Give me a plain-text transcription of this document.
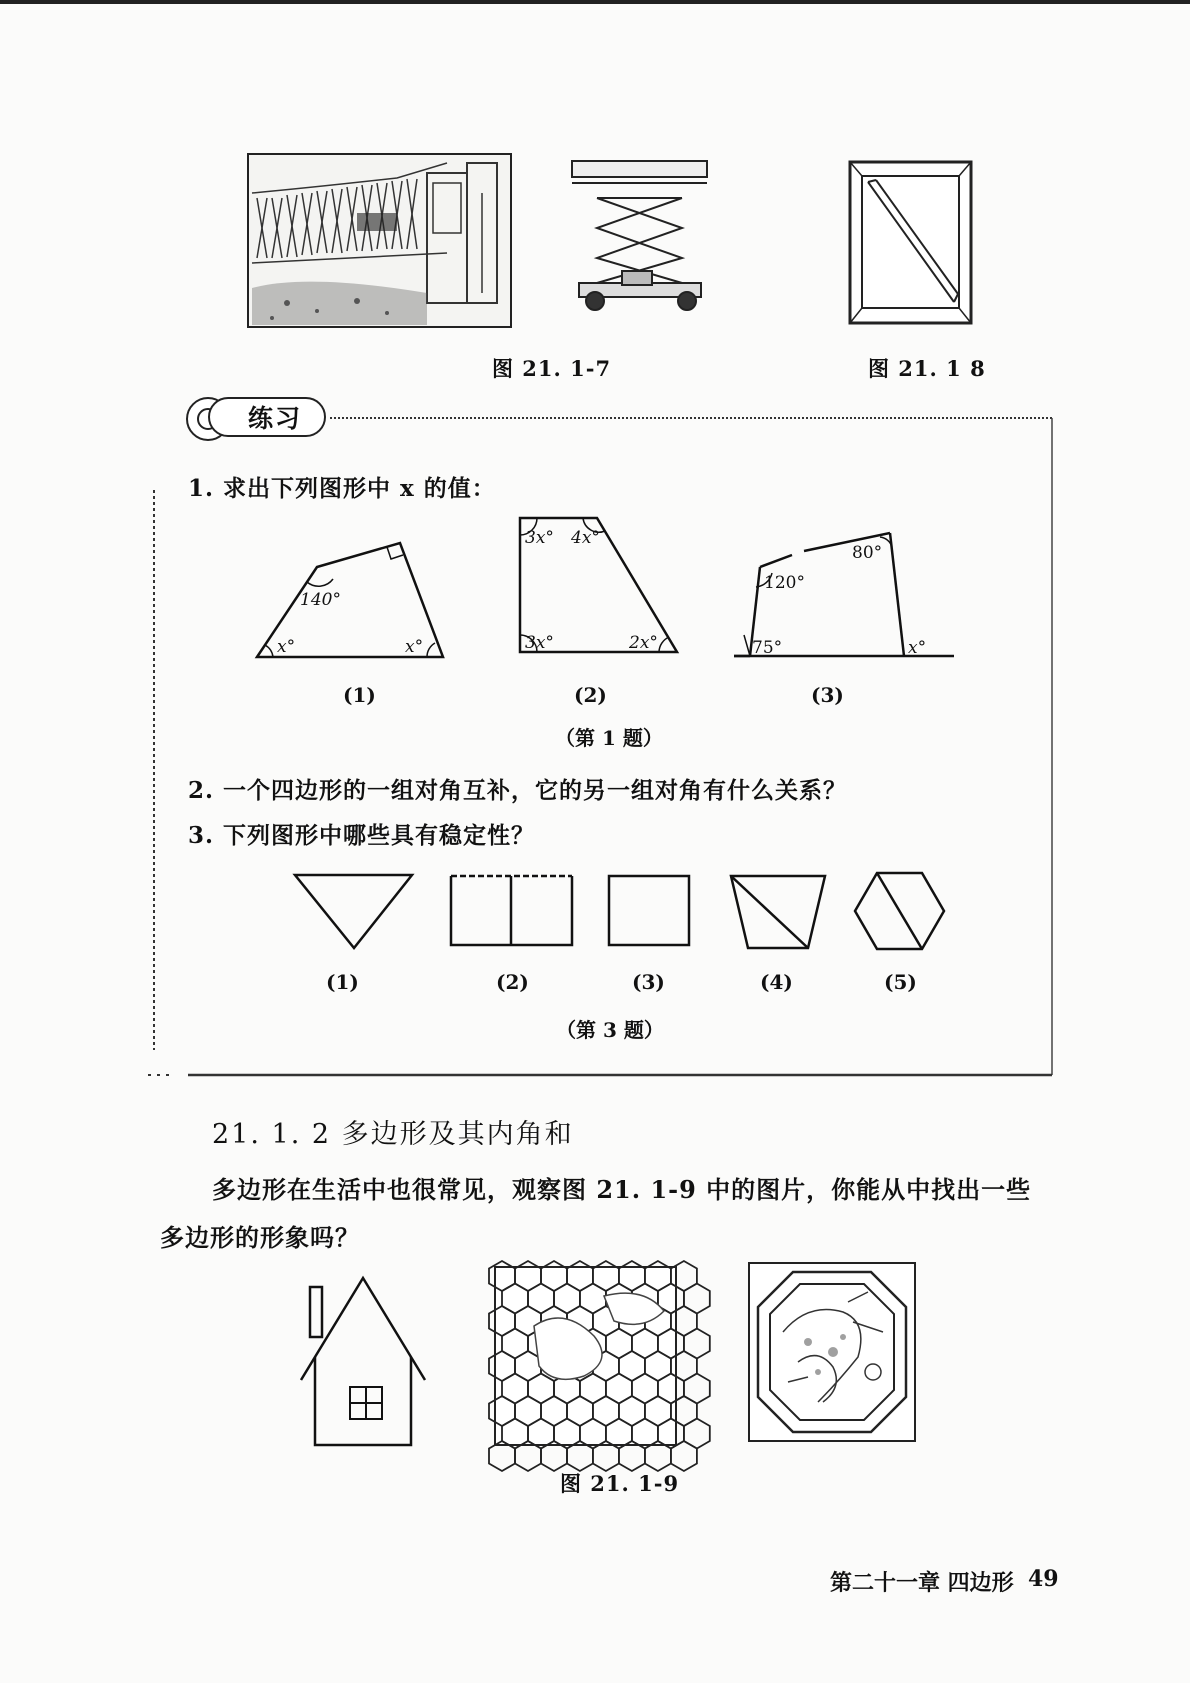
图 21. 1-7	图 21. 1 8
练习
1. 求出下列图形中 x 的值：
140°
x°	x°
3x° 4x°
3x°	2x°
120°
80°
75°	x°
(1)	(2)	(3)
（第 1 题）
2. 一个四边形的一组对角互补，它的另一组对角有什么关系？
3. 下列图形中哪些具有稳定性？
(1)	(2)	(3)	(4)	(5)
（第 3 题）
21. 1. 2 多边形及其内角和
多边形在生活中也很常见，观察图 21. 1-9 中的图片，你能从中找出一些
多边形的形象吗？
图 21. 1-9
第二十一章 四边形 49
